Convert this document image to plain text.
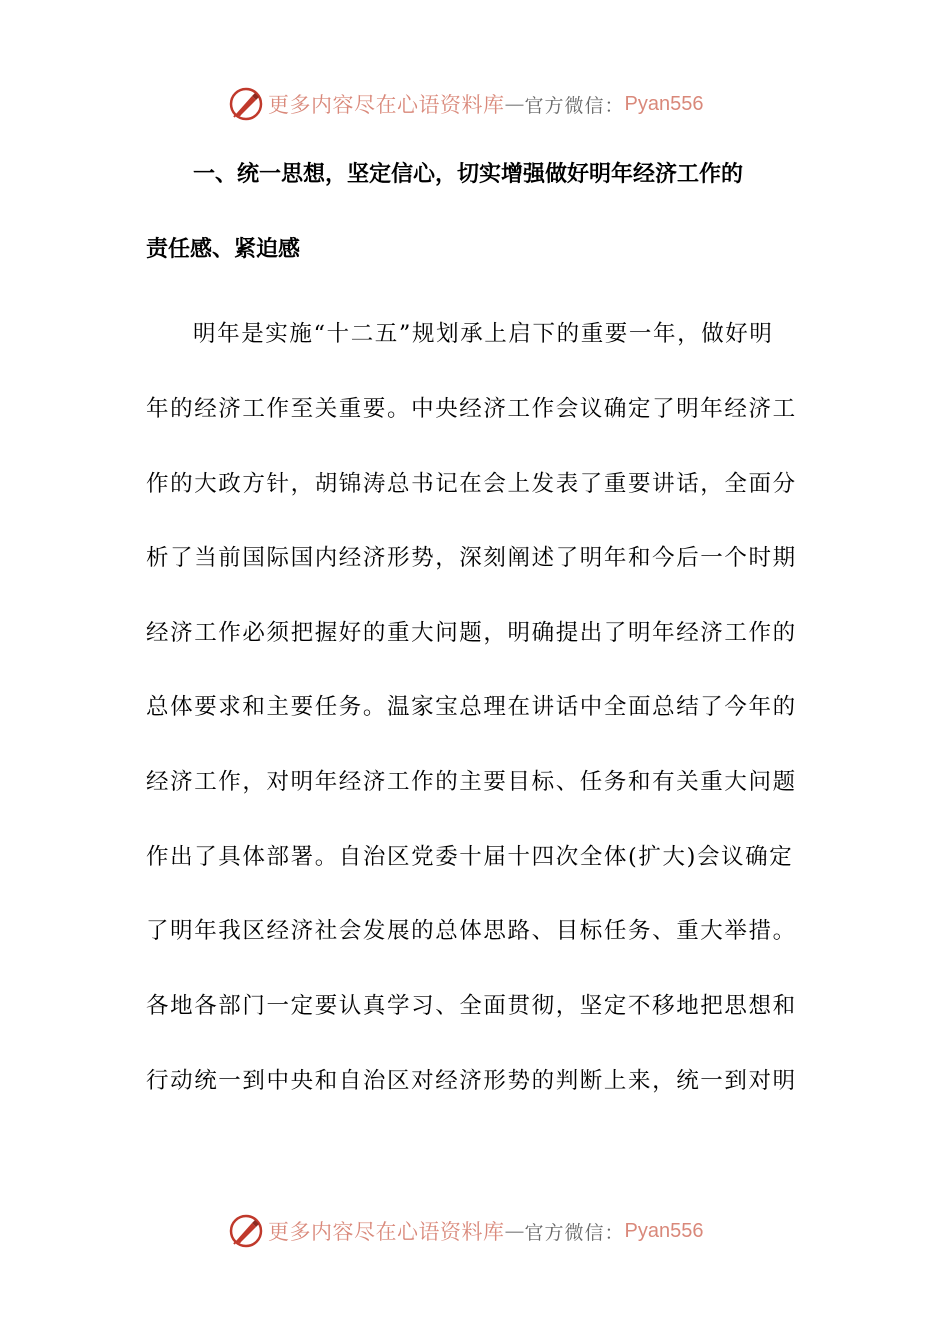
更多内容尽在心语资料库 — 官方微信： Pyan556
一、统一思想，坚定信心，切实增强做好明年经济工作的
责任感、紧迫感
明年是实施“十二五”规划承上启下的重要一年，做好明
年的经济工作至关重要。中央经济工作会议确定了明年经济工
作的大政方针，胡锦涛总书记在会上发表了重要讲话，全面分
析了当前国际国内经济形势，深刻阐述了明年和今后一个时期
经济工作必须把握好的重大问题，明确提出了明年经济工作的
总体要求和主要任务。温家宝总理在讲话中全面总结了今年的
经济工作，对明年经济工作的主要目标、任务和有关重大问题
作出了具体部署。自治区党委十届十四次全体(扩大)会议确定
了明年我区经济社会发展的总体思路、目标任务、重大举措。
各地各部门一定要认真学习、全面贯彻，坚定不移地把思想和
行动统一到中央和自治区对经济形势的判断上来，统一到对明
更多内容尽在心语资料库 — 官方微信： Pyan556
